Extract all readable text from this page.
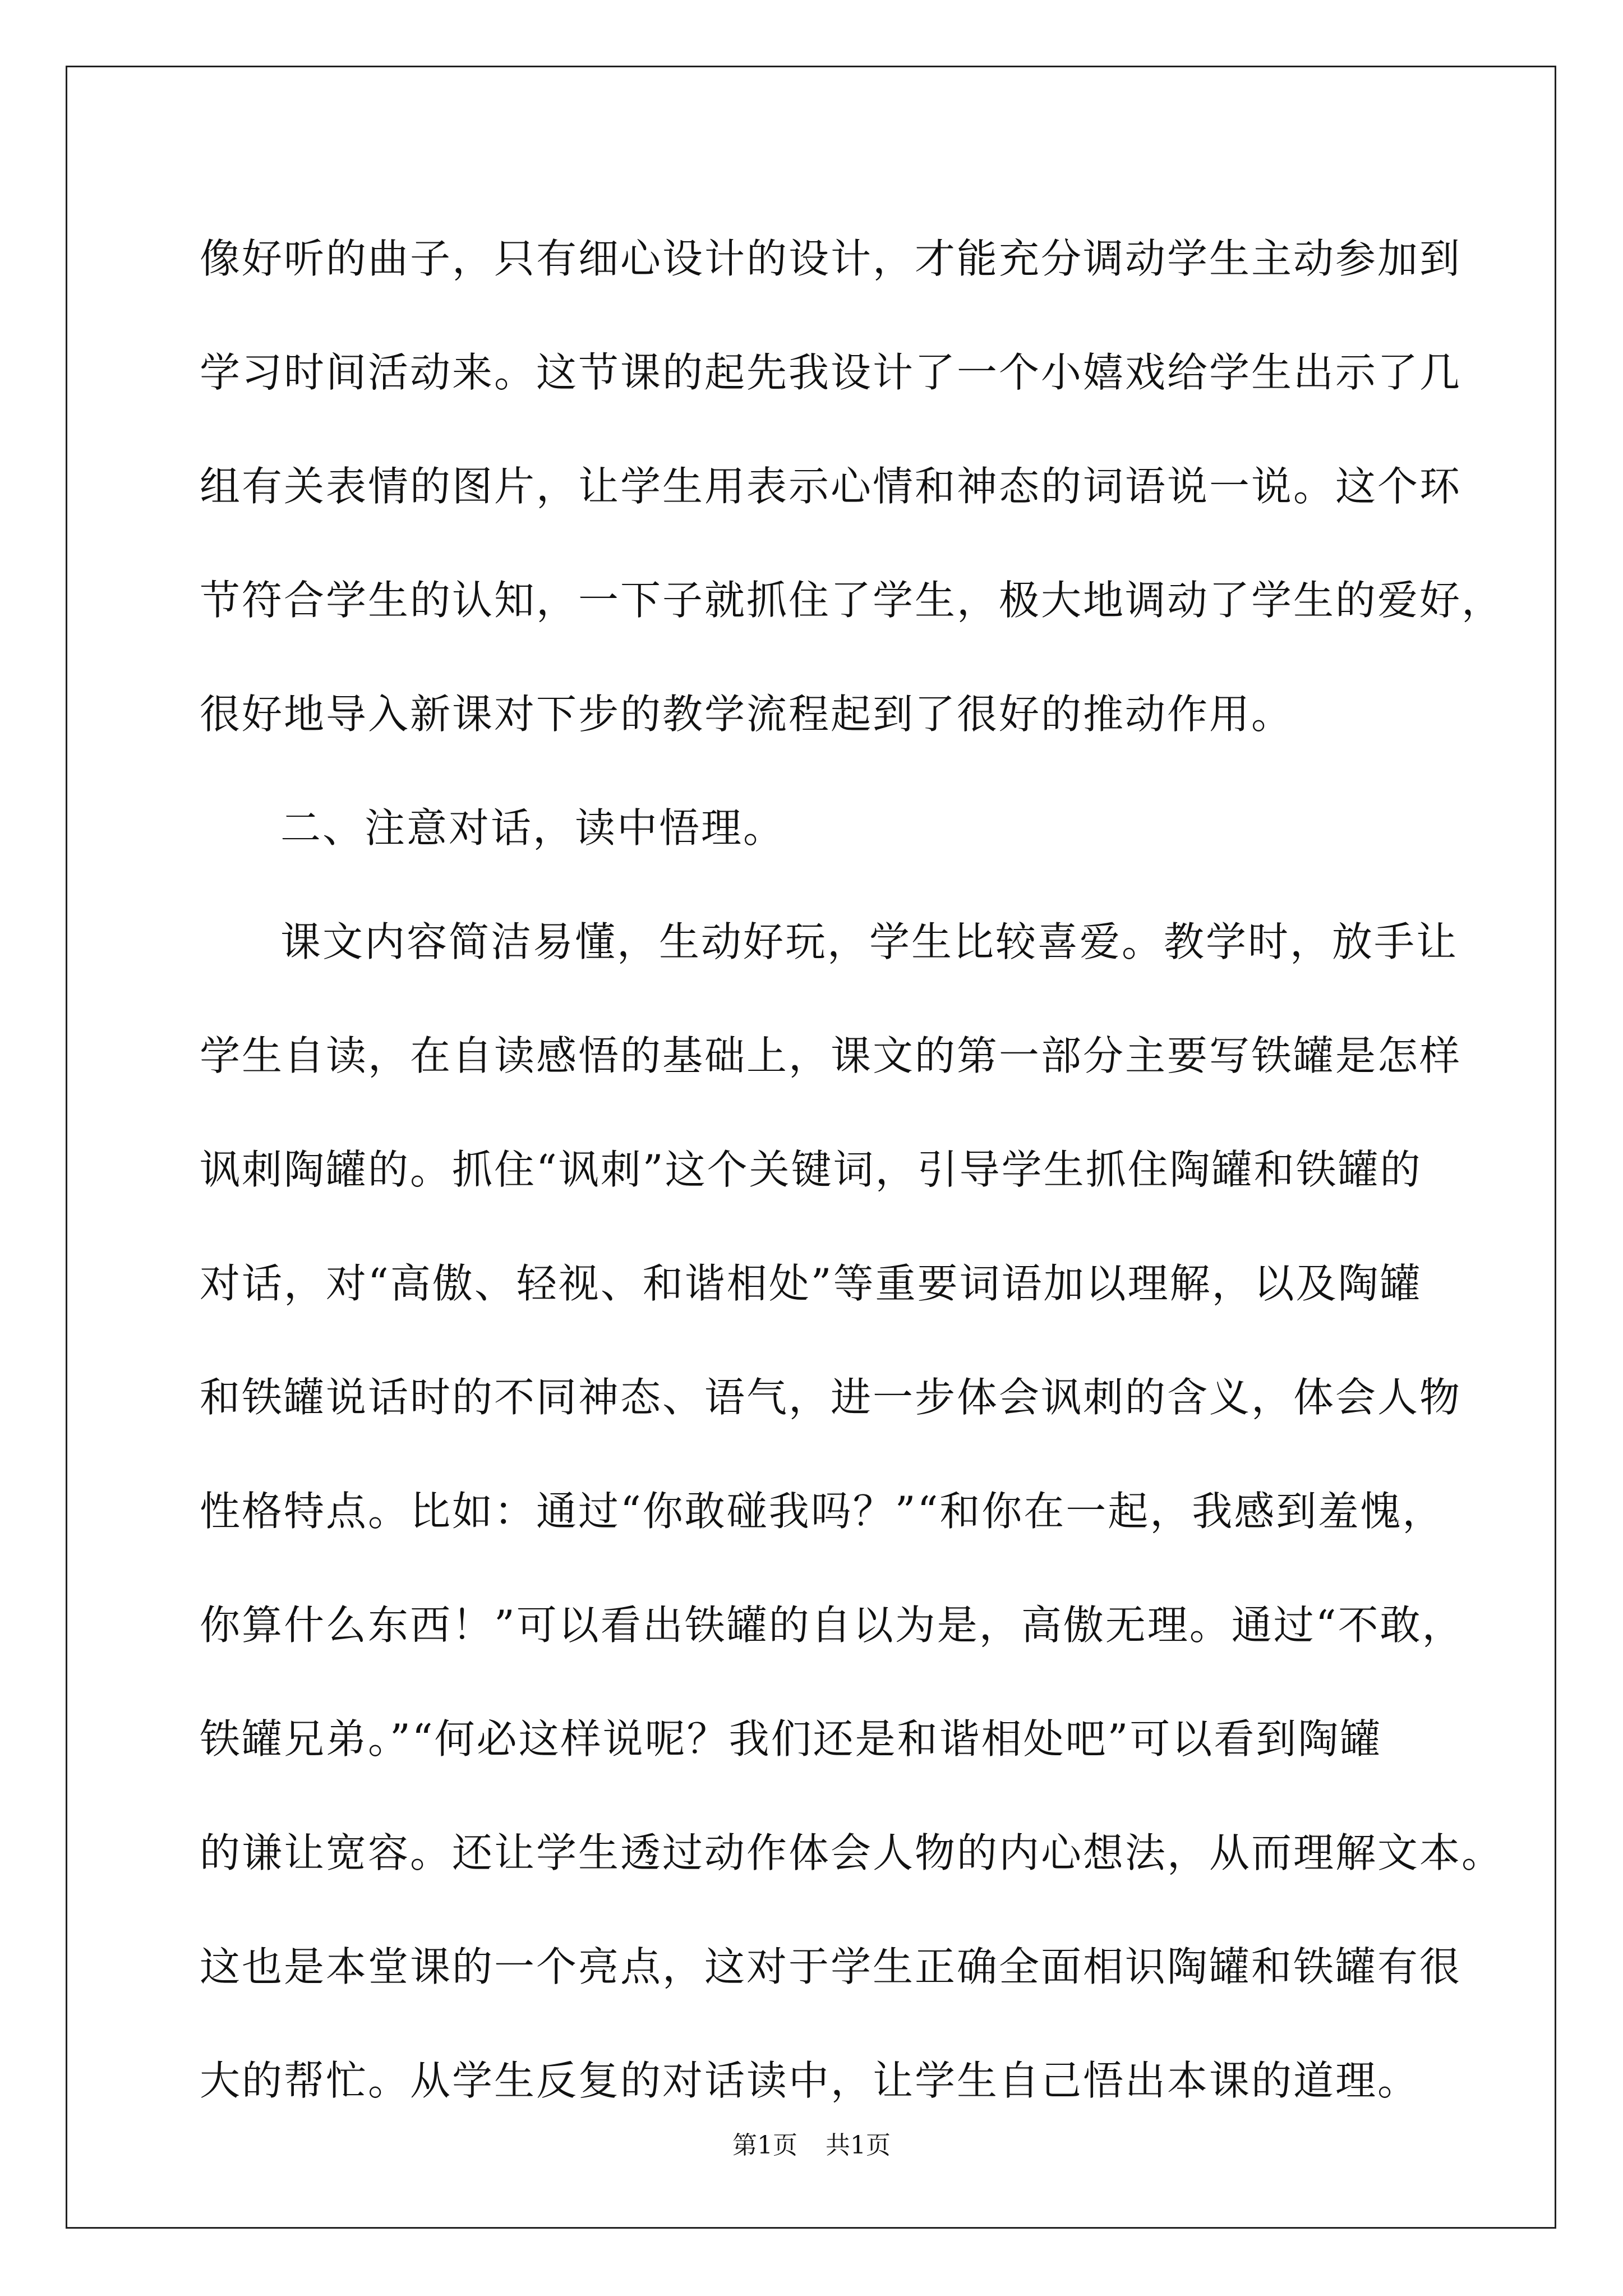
像好听的曲子，只有细心设计的设计，才能充分调动学生主动参加到
学习时间活动来。这节课的起先我设计了一个小嬉戏给学生出示了几
组有关表情的图片，让学生用表示心情和神态的词语说一说。这个环
节符合学生的认知，一下子就抓住了学生，极大地调动了学生的爱好，
很好地导入新课对下步的教学流程起到了很好的推动作用。
二、注意对话，读中悟理。
课文内容简洁易懂，生动好玩，学生比较喜爱。教学时，放手让
学生自读，在自读感悟的基础上，课文的第一部分主要写铁罐是怎样
讽刺陶罐的。抓住“讽刺”这个关键词，引导学生抓住陶罐和铁罐的
对话，对“高傲、轻视、和谐相处”等重要词语加以理解，以及陶罐
和铁罐说话时的不同神态、语气，进一步体会讽刺的含义，体会人物
性格特点。比如：通过“你敢碰我吗？”“和你在一起，我感到羞愧，
你算什么东西！”可以看出铁罐的自以为是，高傲无理。通过“不敢，
铁罐兄弟。”“何必这样说呢？我们还是和谐相处吧”可以看到陶罐
的谦让宽容。还让学生透过动作体会人物的内心想法，从而理解文本。
这也是本堂课的一个亮点，这对于学生正确全面相识陶罐和铁罐有很
大的帮忙。从学生反复的对话读中，让学生自己悟出本课的道理。
第1页 共1页
